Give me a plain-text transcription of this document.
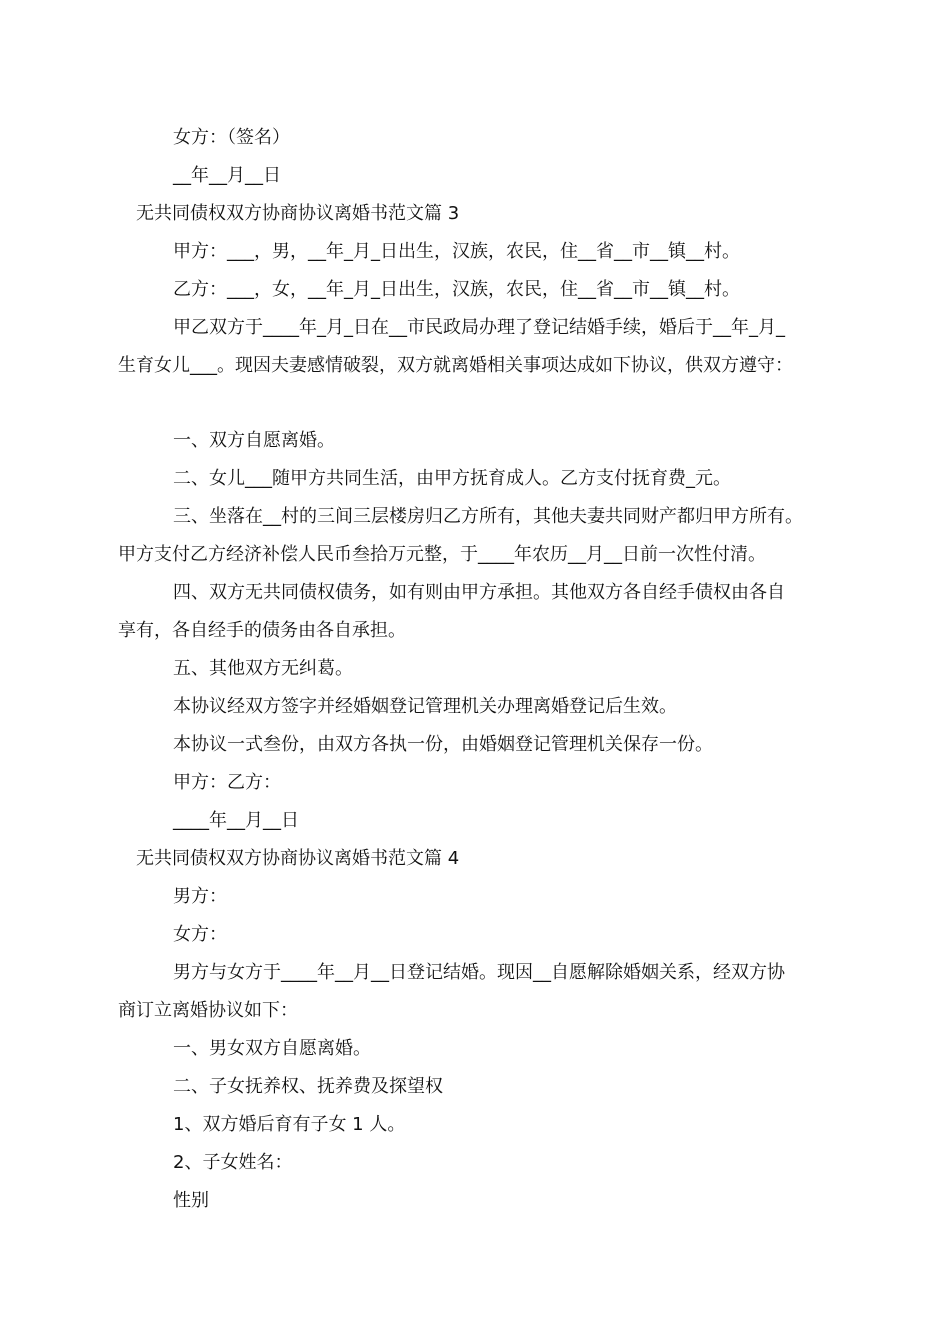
女方：（签名）
__年__月__日
无共同债权双方协商协议离婚书范文篇 3
甲方：___，男，__年_月_日出生，汉族，农民，住__省__市__镇__村。
乙方：___，女，__年_月_日出生，汉族，农民，住__省__市__镇__村。
甲乙双方于____年_月_日在__市民政局办理了登记结婚手续，婚后于__年_月_
生育女儿___。现因夫妻感情破裂，双方就离婚相关事项达成如下协议，供双方遵守：
一、双方自愿离婚。
二、女儿___随甲方共同生活，由甲方抚育成人。乙方支付抚育费_元。
三、坐落在__村的三间三层楼房归乙方所有，其他夫妻共同财产都归甲方所有。
甲方支付乙方经济补偿人民币叁拾万元整，于____年农历__月__日前一次性付清。
四、双方无共同债权债务，如有则由甲方承担。其他双方各自经手债权由各自
享有，各自经手的债务由各自承担。
五、其他双方无纠葛。
本协议经双方签字并经婚姻登记管理机关办理离婚登记后生效。
本协议一式叁份，由双方各执一份，由婚姻登记管理机关保存一份。
甲方：乙方：
____年__月__日
无共同债权双方协商协议离婚书范文篇 4
男方：
女方：
男方与女方于____年__月__日登记结婚。现因__自愿解除婚姻关系，经双方协
商订立离婚协议如下：
一、男女双方自愿离婚。
二、子女抚养权、抚养费及探望权
1、双方婚后育有子女 1 人。
2、子女姓名：
性别
